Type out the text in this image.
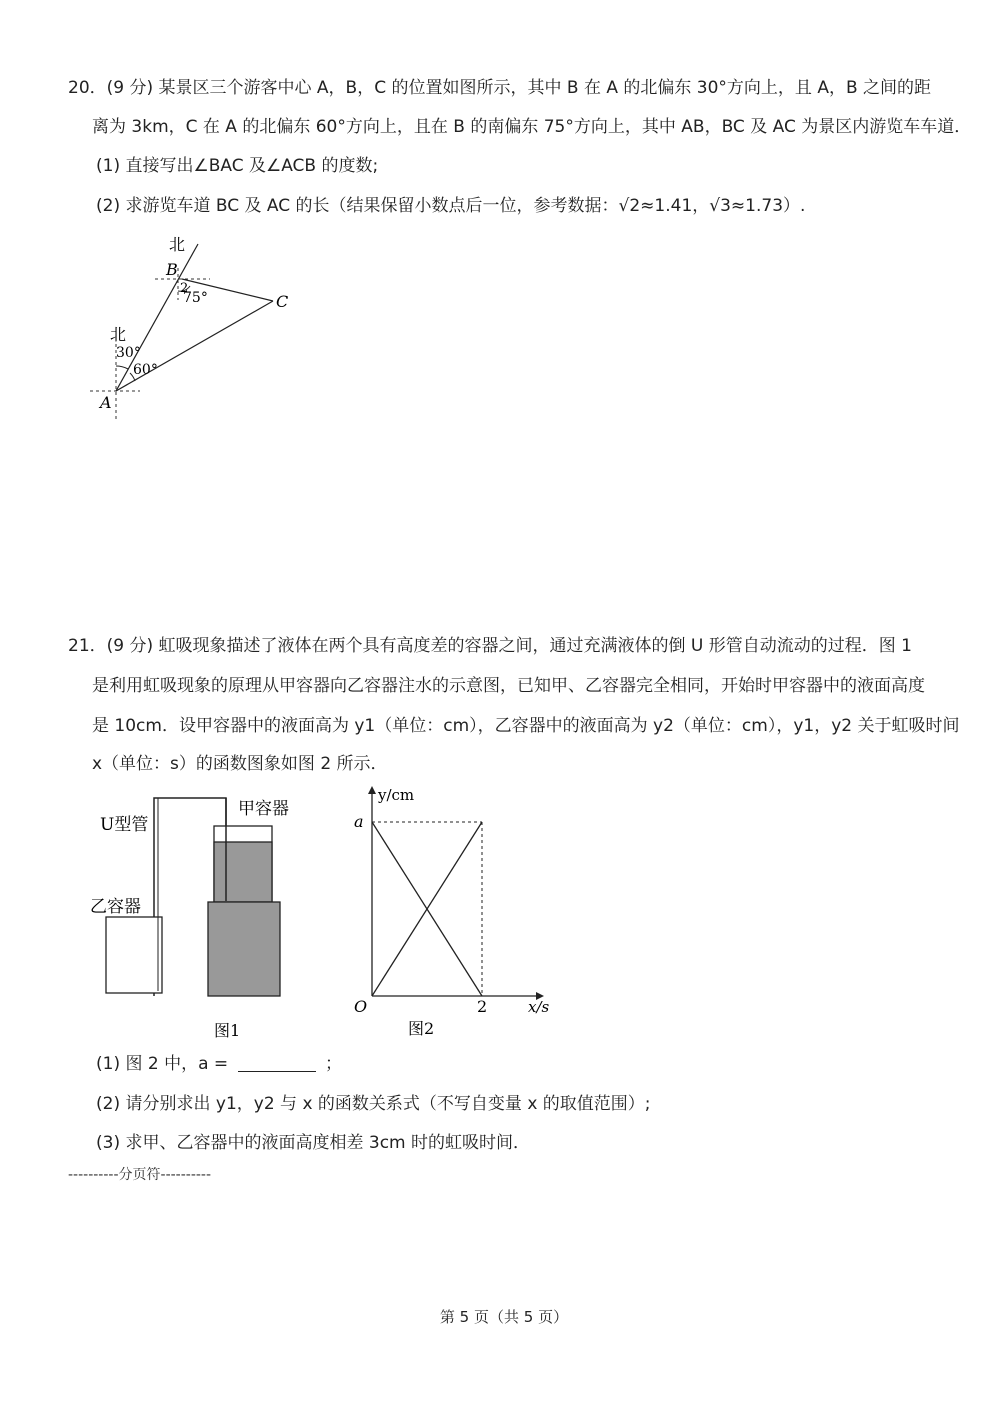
20．(9 分) 某景区三个游客中心 A，B，C 的位置如图所示，其中 B 在 A 的北偏东 30°方向上，且 A，B 之间的距
离为 3km，C 在 A 的北偏东 60°方向上，且在 B 的南偏东 75°方向上，其中 AB，BC 及 AC 为景区内游览车车道．
(1) 直接写出∠BAC 及∠ACB 的度数;
(2) 求游览车道 BC 及 AC 的长（结果保留小数点后一位，参考数据：√2≈1.41，√3≈1.73）.
北
B
2
75°	C
北
30°
60°
A
21．(9 分) 虹吸现象描述了液体在两个具有高度差的容器之间，通过充满液体的倒 U 形管自动流动的过程．图 1
是利用虹吸现象的原理从甲容器向乙容器注水的示意图，已知甲、乙容器完全相同，开始时甲容器中的液面高度
是 10cm．设甲容器中的液面高为 y1（单位：cm），乙容器中的液面高为 y2（单位：cm），y1，y2 关于虹吸时间
x（单位：s）的函数图象如图 2 所示．
U型管
甲容器
乙容器
图1
y/cm
a
O	2	x/s
图2
(1) 图 2 中，a =	；
(2) 请分别求出 y1，y2 与 x 的函数关系式（不写自变量 x 的取值范围）;
(3) 求甲、乙容器中的液面高度相差 3cm 时的虹吸时间．
----------分页符----------
第 5 页（共 5 页）
